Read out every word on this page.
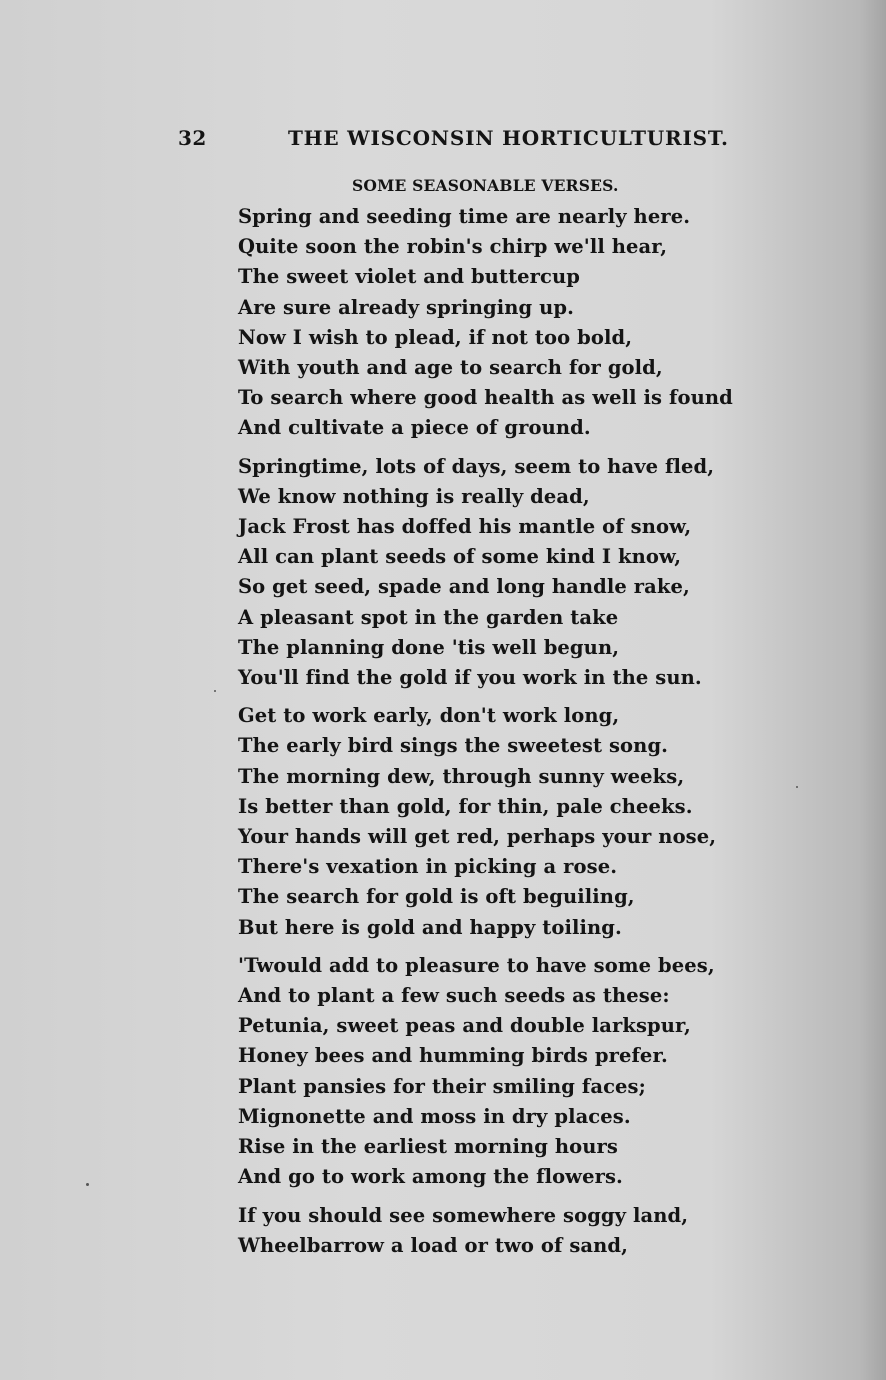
32	THE WISCONSIN HORTICULTURIST.
SOME SEASONABLE VERSES.
Spring and seeding time are nearly here.
Quite soon the robin's chirp we'll hear,
The sweet violet and buttercup
Are sure already springing up.
Now I wish to plead, if not too bold,
With youth and age to search for gold,
To search where good health as well is found
And cultivate a piece of ground.
Springtime, lots of days, seem to have fled,
We know nothing is really dead,
Jack Frost has doffed his mantle of snow,
All can plant seeds of some kind I know,
So get seed, spade and long handle rake,
A pleasant spot in the garden take
The planning done 'tis well begun,
You'll find the gold if you work in the sun.
Get to work early, don't work long,
The early bird sings the sweetest song.
The morning dew, through sunny weeks,
Is better than gold, for thin, pale cheeks.
Your hands will get red, perhaps your nose,
There's vexation in picking a rose.
The search for gold is oft beguiling,
But here is gold and happy toiling.
'Twould add to pleasure to have some bees,
And to plant a few such seeds as these:
Petunia, sweet peas and double larkspur,
Honey bees and humming birds prefer.
Plant pansies for their smiling faces;
Mignonette and moss in dry places.
Rise in the earliest morning hours
And go to work among the flowers.
If you should see somewhere soggy land,
Wheelbarrow a load or two of sand,
